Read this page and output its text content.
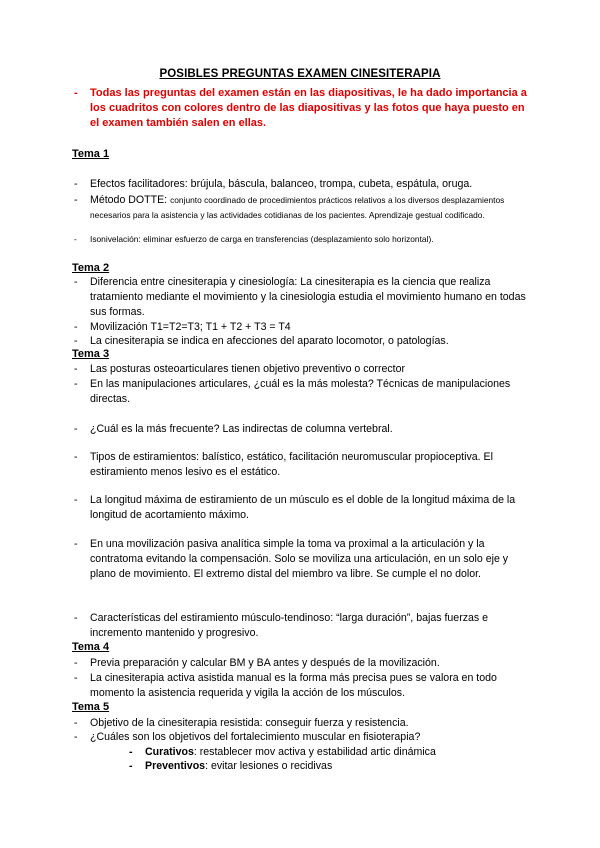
POSIBLES PREGUNTAS EXAMEN CINESITERAPIA
- Todas las preguntas del examen están en las diapositivas, le ha dado importancia a los cuadritos con colores dentro de las diapositivas y las fotos que haya puesto en el examen también salen en ellas.
Tema 1
- Efectos facilitadores: brújula, báscula, balanceo, trompa, cubeta, espátula, oruga.
- Método DOTTE: conjunto coordinado de procedimientos prácticos relativos a los diversos desplazamientos necesarios para la asistencia y las actividades cotidianas de los pacientes. Aprendizaje gestual codificado.
- Isonivelación: eliminar esfuerzo de carga en transferencias (desplazamiento solo horizontal).
Tema 2
- Diferencia entre cinesiterapia y cinesiología: La cinesiterapia es la ciencia que realiza tratamiento mediante el movimiento y la cinesiologia estudia el movimiento humano en todas sus formas.
- Movilización T1=T2=T3; T1 + T2 + T3 = T4
- La cinesiterapia se indica en afecciones del aparato locomotor, o patologías.
Tema 3
- Las posturas osteoarticulares tienen objetivo preventivo o corrector
- En las manipulaciones articulares, ¿cuál es la más molesta? Técnicas de manipulaciones directas.
- ¿Cuál es la más frecuente? Las indirectas de columna vertebral.
- Tipos de estiramientos: balístico, estático, facilitación neuromuscular propioceptiva. El estiramiento menos lesivo es el estático.
- La longitud máxima de estiramiento de un músculo es el doble de la longitud máxima de la longitud de acortamiento máximo.
- En una movilización pasiva analítica simple la toma va proximal a la articulación y la contratoma evitando la compensación. Solo se moviliza una articulación, en un solo eje y plano de movimiento. El extremo distal del miembro va libre. Se cumple el no dolor.
- Características del estiramiento músculo-tendinoso: “larga duración”, bajas fuerzas e incremento mantenido y progresivo.
Tema 4
- Previa preparación y calcular BM y BA antes y después de la movilización.
- La cinesiterapia activa asistida manual es la forma más precisa pues se valora en todo momento la asistencia requerida y vigila la acción de los músculos.
Tema 5
- Objetivo de la cinesiterapia resistida: conseguir fuerza y resistencia.
- ¿Cuáles son los objetivos del fortalecimiento muscular en fisioterapia?
- Curativos: restablecer mov activa y estabilidad artic dinámica
- Preventivos: evitar lesiones o recidivas
